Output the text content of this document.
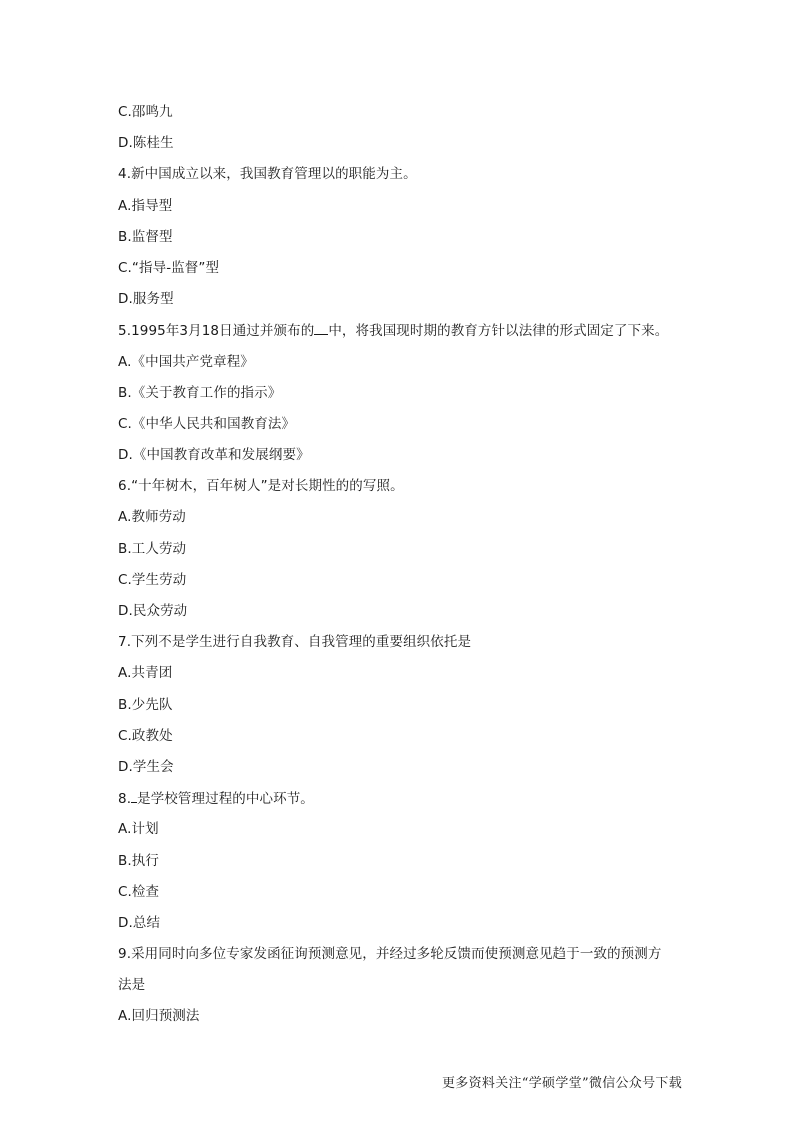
C.邵鸣九
D.陈桂生
4.新中国成立以来，我国教育管理以的职能为主。
A.指导型
B.监督型
C.“指导-监督”型
D.服务型
5.1995年3月18日通过并颁布的 中，将我国现时期的教育方针以法律的形式固定了下来。
A.《中国共产党章程》
B.《关于教育工作的指示》
C.《中华人民共和国教育法》
D.《中国教育改革和发展纲要》
6.“十年树木，百年树人”是对长期性的的写照。
A.教师劳动
B.工人劳动
C.学生劳动
D.民众劳动
7.下列不是学生进行自我教育、自我管理的重要组织依托是
A.共青团
B.少先队
C.政教处
D.学生会
8. 是学校管理过程的中心环节。
A.计划
B.执行
C.检查
D.总结
9.采用同时向多位专家发函征询预测意见，并经过多轮反馈而使预测意见趋于一致的预测方
法是
A.回归预测法
更多资料关注“学硕学堂”微信公众号下载
